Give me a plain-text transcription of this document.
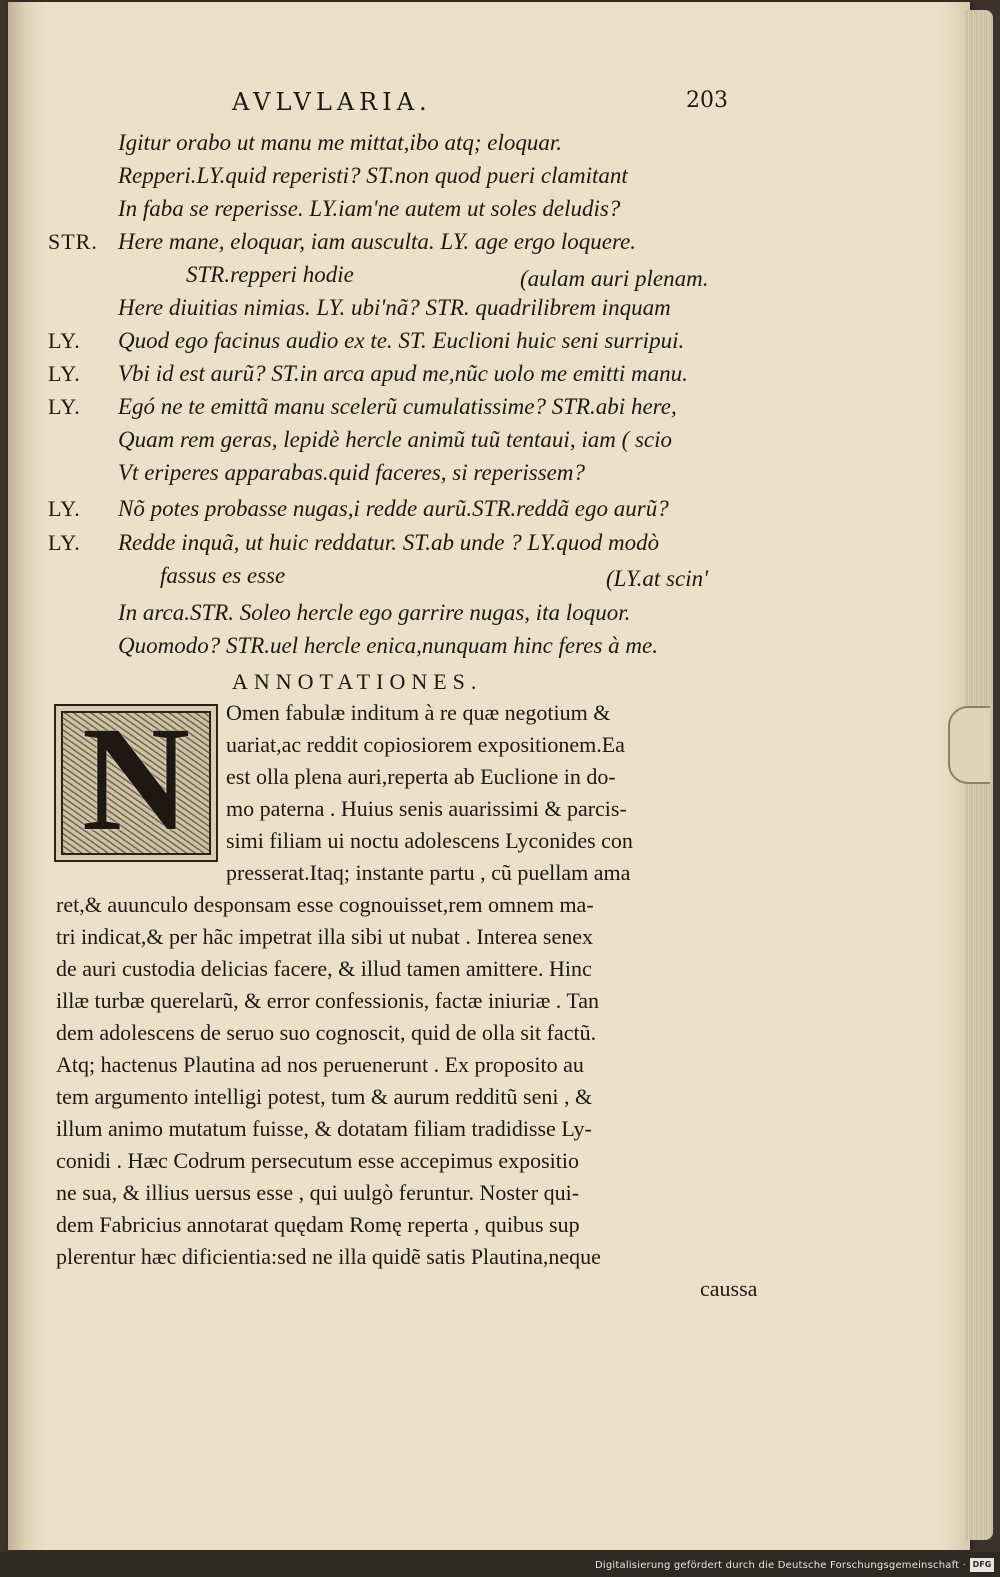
AVLVLARIA.	203
Igitur orabo ut manu me mittat,ibo atq; eloquar.
Repperi.LY.quid reperisti? ST.non quod pueri clamitant
In faba se reperisse. LY.iam'ne autem ut soles deludis?
STR. Here mane, eloquar, iam ausculta. LY. age ergo loquere.
STR.repperi hodie	(aulam auri plenam.
Here diuitias nimias. LY. ubi'nã? STR. quadrilibrem inquam
LY. Quod ego facinus audio ex te. ST. Euclioni huic seni surripui.
LY. Vbi id est aurũ? ST.in arca apud me,nũc uolo me emitti manu.
LY. Egó ne te emittã manu scelerũ cumulatissime? STR.abi here,
Quam rem geras, lepidè hercle animũ tuũ tentaui, iam ( scio
Vt eriperes apparabas.quid faceres, si reperissem?
LY. Nõ potes probasse nugas,i redde aurũ.STR.reddã ego aurũ?
LY. Redde inquã, ut huic reddatur. ST.ab unde ? LY.quod modò
fassus es esse	(LY.at scin'
In arca.STR. Soleo hercle ego garrire nugas, ita loquor.
Quomodo? STR.uel hercle enica,nunquam hinc feres à me.
ANNOTATIONES.
N	Omen fabulæ inditum à re quæ negotium &
uariat,ac reddit copiosiorem expositionem.Ea
est olla plena auri,reperta ab Euclione in do-
mo paterna . Huius senis auarissimi & parcis-
simi filiam ui noctu adolescens Lyconides con
presserat.Itaq; instante partu , cũ puellam ama
ret,& auunculo desponsam esse cognouisset,rem omnem ma-
tri indicat,& per hãc impetrat illa sibi ut nubat . Interea senex
de auri custodia delicias facere, & illud tamen amittere. Hinc
illæ turbæ querelarũ, & error confessionis, factæ iniuriæ . Tan
dem adolescens de seruo suo cognoscit, quid de olla sit factũ.
Atq; hactenus Plautina ad nos peruenerunt . Ex proposito au
tem argumento intelligi potest, tum & aurum redditũ seni , &
illum animo mutatum fuisse, & dotatam filiam tradidisse Ly-
conidi . Hæc Codrum persecutum esse accepimus expositio
ne sua, & illius uersus esse , qui uulgò feruntur. Noster qui-
dem Fabricius annotarat quędam Romę reperta , quibus sup
plerentur hæc dificientia:sed ne illa quidẽ satis Plautina,neque
caussa
Digitalisierung gefördert durch die Deutsche Forschungsgemeinschaft · DFG
